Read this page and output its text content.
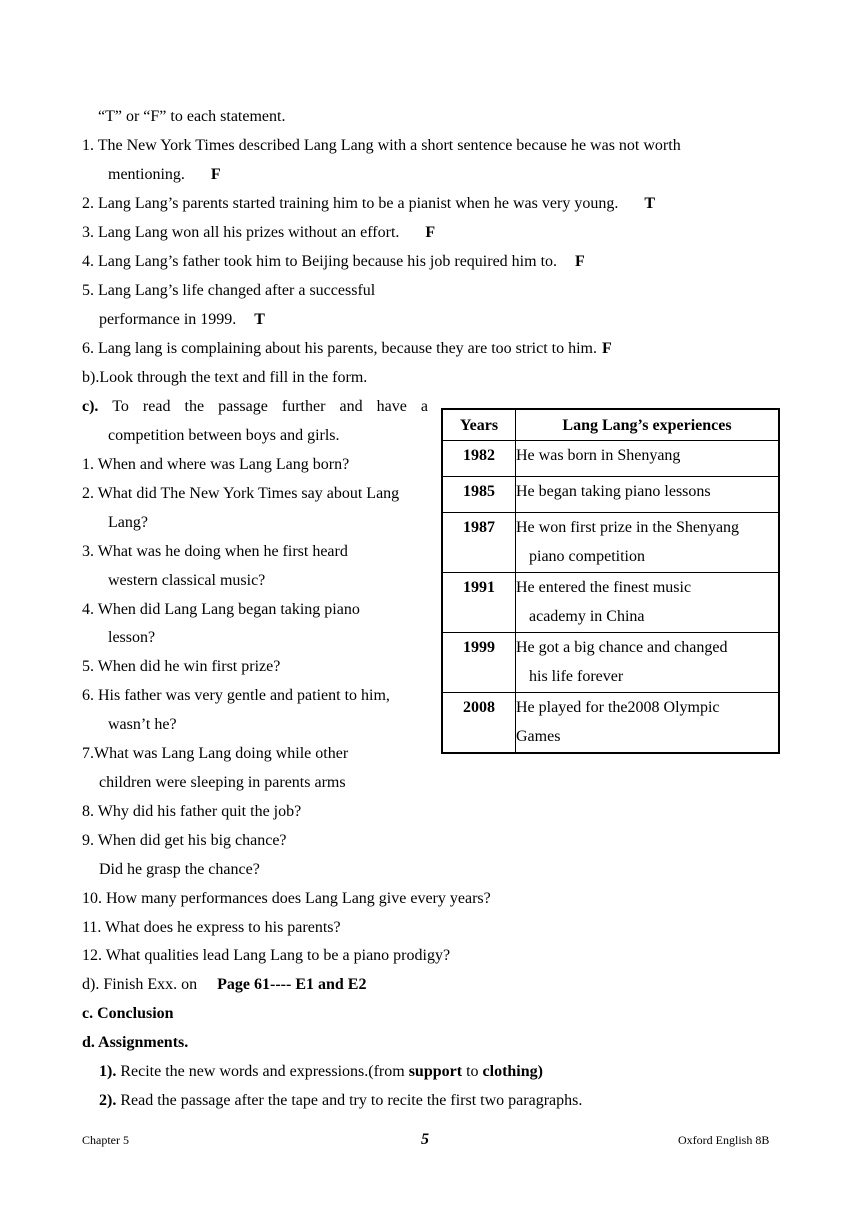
“T” or “F” to each statement.
1. The New York Times described Lang Lang with a short sentence because he was not worth
mentioning. F
2. Lang Lang’s parents started training him to be a pianist when he was very young. T
3. Lang Lang won all his prizes without an effort. F
4. Lang Lang’s father took him to Beijing because his job required him to. F
5. Lang Lang’s life changed after a successful
performance in 1999. T
6. Lang lang is complaining about his parents, because they are too strict to him. F
b).Look through the text and fill in the form.
c). To read the passage further and have a
competition between boys and girls.
1. When and where was Lang Lang born?
2. What did The New York Times say about Lang
Lang?
3. What was he doing when he first heard
western classical music?
4. When did Lang Lang began taking piano
lesson?
5. When did he win first prize?
6. His father was very gentle and patient to him,
wasn’t he?
7.What was Lang Lang doing while other
children were sleeping in parents arms
8. Why did his father quit the job?
9. When did get his big chance?
Did he grasp the chance?
10. How many performances does Lang Lang give every years?
11. What does he express to his parents?
12. What qualities lead Lang Lang to be a piano prodigy?
Years	Lang Lang’s experiences
1982	He was born in Shenyang
1985	He began taking piano lessons
1987	He won first prize in the Shenyang
piano competition

1991	He entered the finest music
academy in China

1999	He got a big chance and changed
his life forever

2008	He played for the2008 Olympic
Games
d). Finish Exx. on Page 61---- E1 and E2
c. Conclusion
d. Assignments.
1). Recite the new words and expressions.(from support to clothing)
2). Read the passage after the tape and try to recite the first two paragraphs.
Chapter 5	5	Oxford English 8B
